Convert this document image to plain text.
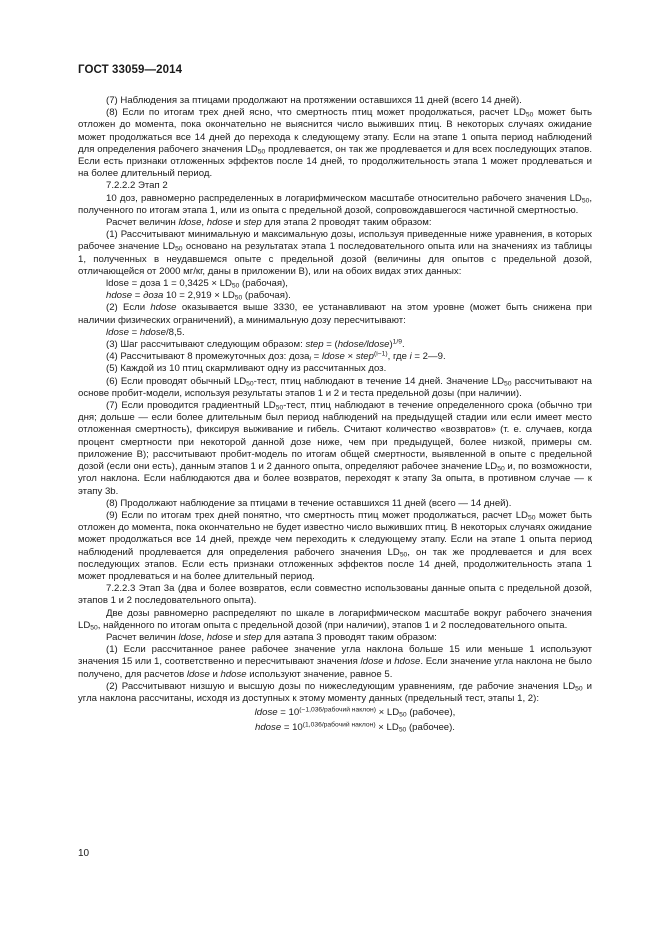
ГОСТ 33059—2014

(7) Наблюдения за птицами продолжают на протяжении оставшихся 11 дней (всего 14 дней).

(8) Если по итогам трех дней ясно, что смертность птиц может продолжаться, расчет $LD_{50}$ может быть отложен до момента, пока окончательно не выяснится число выживших птиц. В некоторых случаях ожидание может продолжаться все 14 дней до перехода к следующему этапу. Если на этапе 1 опыта период наблюдений для определения рабочего значения $LD_{50}$ продлевается, он так же продлевается и для всех последующих этапов. Если есть признаки отложенных эффектов после 14 дней, то продолжительность этапа 1 может продлеваться и на более длительный период.

7.2.2.2 Этап 2

10 доз, равномерно распределенных в логарифмическом масштабе относительно рабочего значения $LD_{50}$, полученного по итогам этапа 1, или из опыта с предельной дозой, сопровождавшегося частичной смертностью.

Расчет величин ldose, hdose и step для этапа 2 проводят таким образом:

(1) Рассчитывают минимальную и максимальную дозы, используя приведенные ниже уравнения, в которых рабочее значение $LD_{50}$ основано на результатах этапа 1 последовательного опыта или на значениях из таблицы 1, полученных в неудавшемся опыте с предельной дозой (величины для опытов с предельной дозой, отличающейся от 2000 мг/кг, даны в приложении В), или на обоих видах этих данных:

ldose = доза $1 = 0,3425 \times LD_{50}$ (рабочая),

hdose = доза $10 = 2,919 \times LD_{50}$ (рабочая).

(2) Если hdose оказывается выше 3330, ее устанавливают на этом уровне (может быть снижена при наличии физических ограничений), а минимальную дозу пересчитывают:

ldose = hdose/8,5.

(3) Шаг рассчитывают следующим образом: step = (hdose/ldose)$^{1/9}$.

(4) Рассчитывают 8 промежуточных доз: доза$_i$ = ldose × step$^{(i-1)}$, где i = 2—9.

(5) Каждой из 10 птиц скармливают одну из рассчитанных доз.

(6) Если проводят обычный $LD_{50}$-тест, птиц наблюдают в течение 14 дней. Значение $LD_{50}$ рассчитывают на основе пробит-модели, используя результаты этапов 1 и 2 и теста предельной дозы (при наличии).

(7) Если проводится градиентный $LD_{50}$-тест, птиц наблюдают в течение определенного срока (обычно три дня; дольше — если более длительным был период наблюдений на предыдущей стадии или если имеет место отложенная смертность), фиксируя выживание и гибель. Считают количество «возвратов» (т. е. случаев, когда процент смертности при некоторой данной дозе ниже, чем при предыдущей, более низкой, примеры см. приложение В); рассчитывают пробит-модель по итогам общей смертности, выявленной в опыте с предельной дозой (если они есть), данным этапов 1 и 2 данного опыта, определяют рабочее значение $LD_{50}$ и, по возможности, угол наклона. Если наблюдаются два и более возвратов, переходят к этапу 3а опыта, в противном случае — к этапу 3b.

(8) Продолжают наблюдение за птицами в течение оставшихся 11 дней (всего — 14 дней).

(9) Если по итогам трех дней понятно, что смертность птиц может продолжаться, расчет $LD_{50}$ может быть отложен до момента, пока окончательно не будет известно число выживших птиц. В некоторых случаях ожидание может продолжаться все 14 дней, прежде чем переходить к следующему этапу. Если на этапе 1 опыта период наблюдений продлевается для определения рабочего значения $LD_{50}$, он так же продлевается и для всех последующих этапов. Если есть признаки отложенных эффектов после 14 дней, продолжительность этапа 1 может продлеваться и на более длительный период.

7.2.2.3 Этап 3а (два и более возвратов, если совместно использованы данные опыта с предельной дозой, этапов 1 и 2 последовательного опыта).

Две дозы равномерно распределяют по шкале в логарифмическом масштабе вокруг рабочего значения $LD_{50}$, найденного по итогам опыта с предельной дозой (при наличии), этапов 1 и 2 последовательного опыта.

Расчет величин ldose, hdose и step для аэтапа 3 проводят таким образом:

(1) Если рассчитанное ранее рабочее значение угла наклона больше 15 или меньше 1 используют значения 15 или 1, соответственно и пересчитывают значения ldose и hdose. Если значение угла наклона не было получено, для расчетов ldose и hdose используют значение, равное 5.

(2) Рассчитывают низшую и высшую дозы по нижеследующим уравнениям, где рабочие значения $LD_{50}$ и угла наклона рассчитаны, исходя из доступных к этому моменту данных (предельный тест, этапы 1, 2):

ldose = $10^{(-1,036/рабочий наклон)} \times LD_{50}$ (рабочее),

hdose = $10^{(1,036/рабочий наклон)} \times LD_{50}$ (рабочее).

10
